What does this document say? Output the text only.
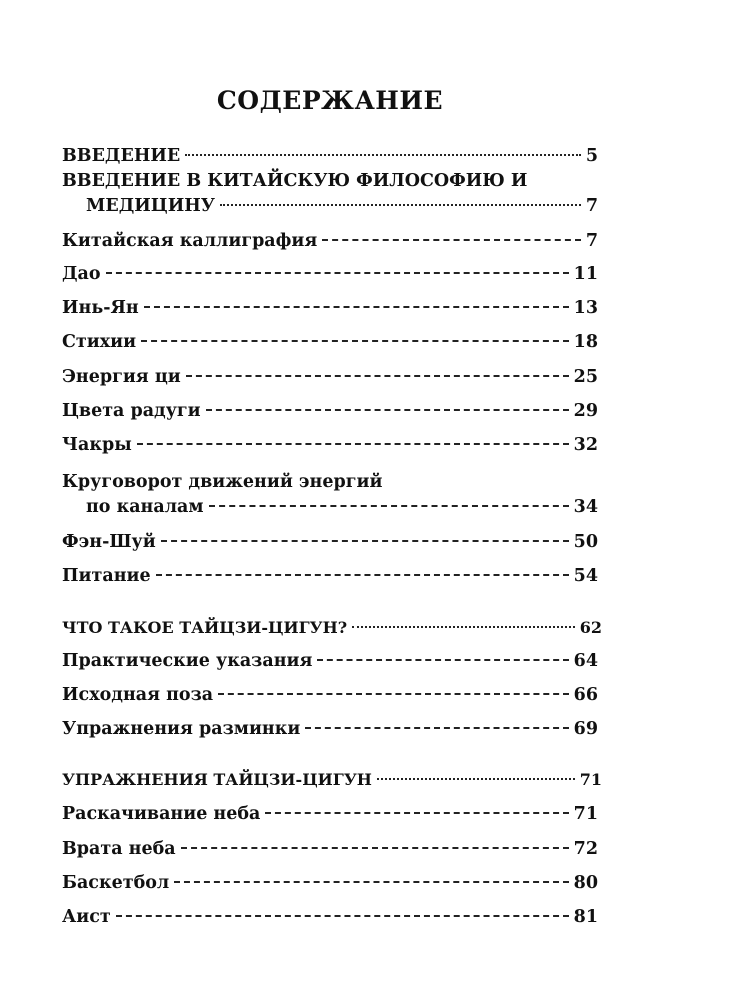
СОДЕРЖАНИЕ
ВВЕДЕНИЕ	5
ВВЕДЕНИЕ В КИТАЙСКУЮ ФИЛОСОФИЮ И
МЕДИЦИНУ	7
Китайская каллиграфия	7
Дао	11
Инь-Ян	13
Стихии	18
Энергия ци	25
Цвета радуги	29
Чакры	32
Круговорот движений энергий
по каналам	34
Фэн-Шуй	50
Питание	54
ЧТО ТАКОЕ ТАЙЦЗИ-ЦИГУН?	62
Практические указания	64
Исходная поза	66
Упражнения разминки	69
УПРАЖНЕНИЯ ТАЙЦЗИ-ЦИГУН	71
Раскачивание неба	71
Врата неба	72
Баскетбол	80
Аист	81
